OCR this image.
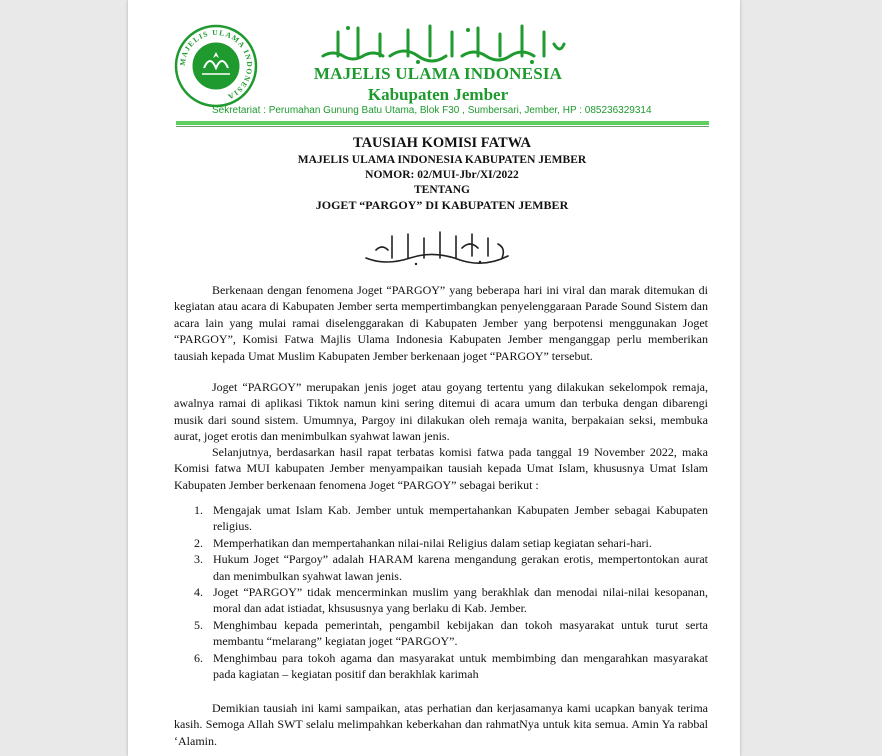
MAJELIS ULAMA INDONESIA
MAJELIS ULAMA INDONESIA
Kabupaten Jember
Sekretariat : Perumahan Gunung Batu Utama, Blok F30 , Sumbersari, Jember, HP : 085236329314
TAUSIAH KOMISI FATWA
MAJELIS ULAMA INDONESIA KABUPATEN JEMBER
NOMOR: 02/MUI-Jbr/XI/2022
TENTANG
JOGET “PARGOY” DI KABUPATEN JEMBER

Berkenaan dengan fenomena Joget “PARGOY” yang beberapa hari ini viral dan marak ditemukan di kegiatan atau acara di Kabupaten Jember serta mempertimbangkan penyelenggaraan Parade Sound Sistem dan acara lain yang mulai ramai diselenggarakan di Kabupaten Jember yang berpotensi menggunakan Joget “PARGOY”, Komisi Fatwa Majlis Ulama Indonesia Kabupaten Jember menganggap perlu memberikan tausiah kepada Umat Muslim Kabupaten Jember berkenaan joget “PARGOY” tersebut.

Joget “PARGOY” merupakan jenis joget atau goyang tertentu yang dilakukan sekelompok remaja, awalnya ramai di aplikasi Tiktok namun kini sering ditemui di acara umum dan terbuka dengan dibarengi musik dari sound sistem. Umumnya, Pargoy ini dilakukan oleh remaja wanita, berpakaian seksi, membuka aurat, joget erotis dan menimbulkan syahwat lawan jenis.

Selanjutnya, berdasarkan hasil rapat terbatas komisi fatwa pada tanggal 19 November 2022, maka Komisi fatwa MUI kabupaten Jember menyampaikan tausiah kepada Umat Islam, khususnya Umat Islam Kabupaten Jember berkenaan fenomena Joget “PARGOY” sebagai berikut :

1. Mengajak umat Islam Kab. Jember untuk mempertahankan Kabupaten Jember sebagai Kabupaten religius.
2. Memperhatikan dan mempertahankan nilai-nilai Religius dalam setiap kegiatan sehari-hari.
3. Hukum Joget “Pargoy” adalah HARAM karena mengandung gerakan erotis, mempertontokan aurat dan menimbulkan syahwat lawan jenis.
4. Joget “PARGOY” tidak mencerminkan muslim yang berakhlak dan menodai nilai-nilai kesopanan, moral dan adat istiadat, khsususnya yang berlaku di Kab. Jember.
5. Menghimbau kepada pemerintah, pengambil kebijakan dan tokoh masyarakat untuk turut serta membantu “melarang” kegiatan joget “PARGOY”.
6. Menghimbau para tokoh agama dan masyarakat untuk membimbing dan mengarahkan masyarakat pada kagiatan – kegiatan positif dan berakhlak karimah

Demikian tausiah ini kami sampaikan, atas perhatian dan kerjasamanya kami ucapkan banyak terima kasih. Semoga Allah SWT selalu melimpahkan keberkahan dan rahmatNya untuk kita semua. Amin Ya rabbal ‘Alamin.
